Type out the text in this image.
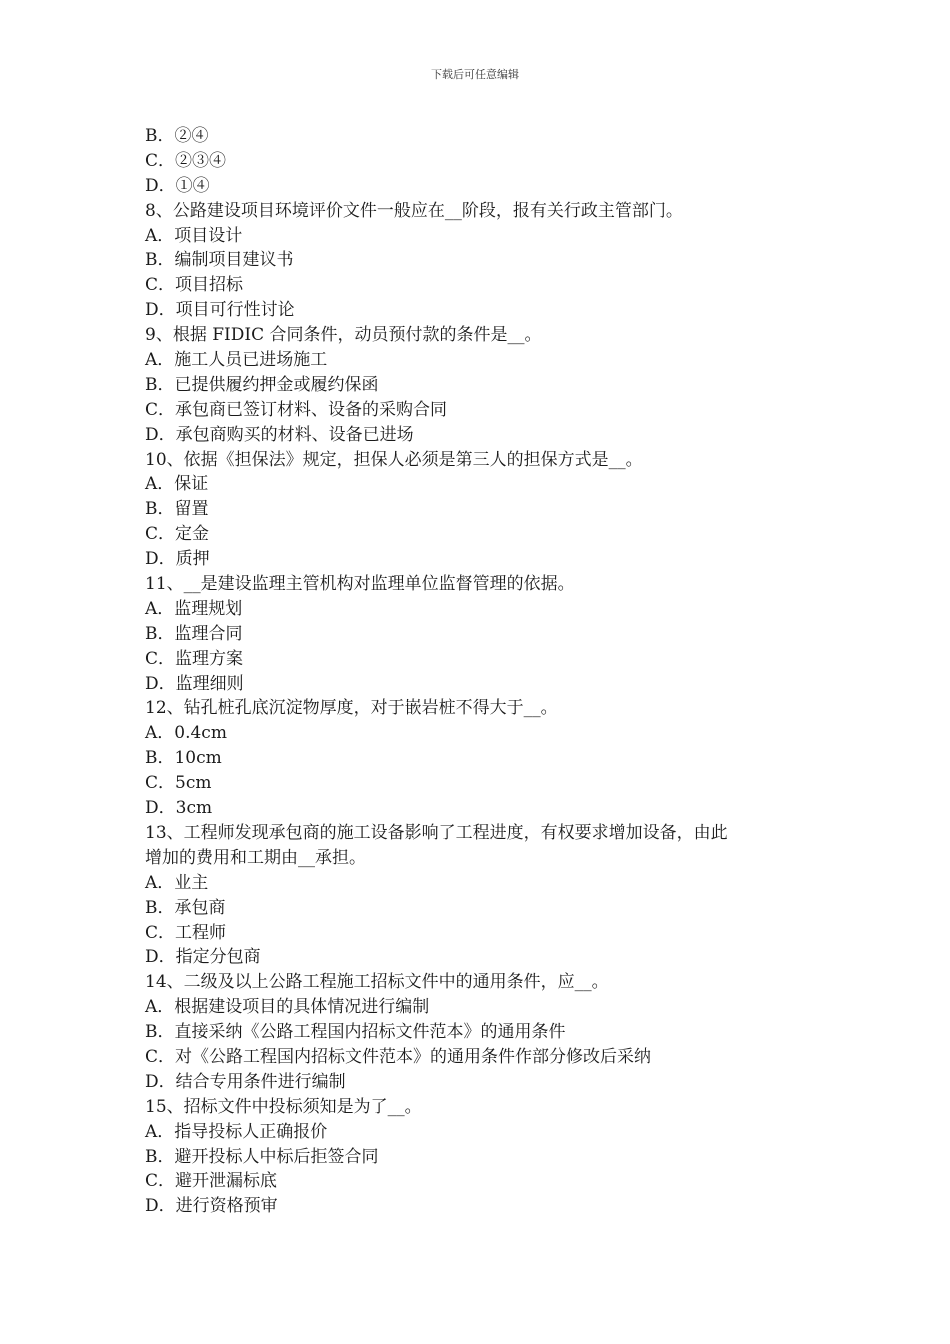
下载后可任意编辑

B．②④

C．②③④

D．①④

8、公路建设项目环境评价文件一般应在__阶段，报有关行政主管部门。

A．项目设计

B．编制项目建议书

C．项目招标

D．项目可行性讨论

9、根据 FIDIC 合同条件，动员预付款的条件是__。

A．施工人员已进场施工

B．已提供履约押金或履约保函

C．承包商已签订材料、设备的采购合同

D．承包商购买的材料、设备已进场

10、依据《担保法》规定，担保人必须是第三人的担保方式是__。

A．保证

B．留置

C．定金

D．质押

11、__是建设监理主管机构对监理单位监督管理的依据。

A．监理规划

B．监理合同

C．监理方案

D．监理细则

12、钻孔桩孔底沉淀物厚度，对于嵌岩桩不得大于__。

A．0.4cm

B．10cm

C．5cm

D．3cm

13、工程师发现承包商的施工设备影响了工程进度，有权要求增加设备，由此

增加的费用和工期由__承担。

A．业主

B．承包商

C．工程师

D．指定分包商

14、二级及以上公路工程施工招标文件中的通用条件，应__。

A．根据建设项目的具体情况进行编制

B．直接采纳《公路工程国内招标文件范本》的通用条件

C．对《公路工程国内招标文件范本》的通用条件作部分修改后采纳

D．结合专用条件进行编制

15、招标文件中投标须知是为了__。

A．指导投标人正确报价

B．避开投标人中标后拒签合同

C．避开泄漏标底

D．进行资格预审
